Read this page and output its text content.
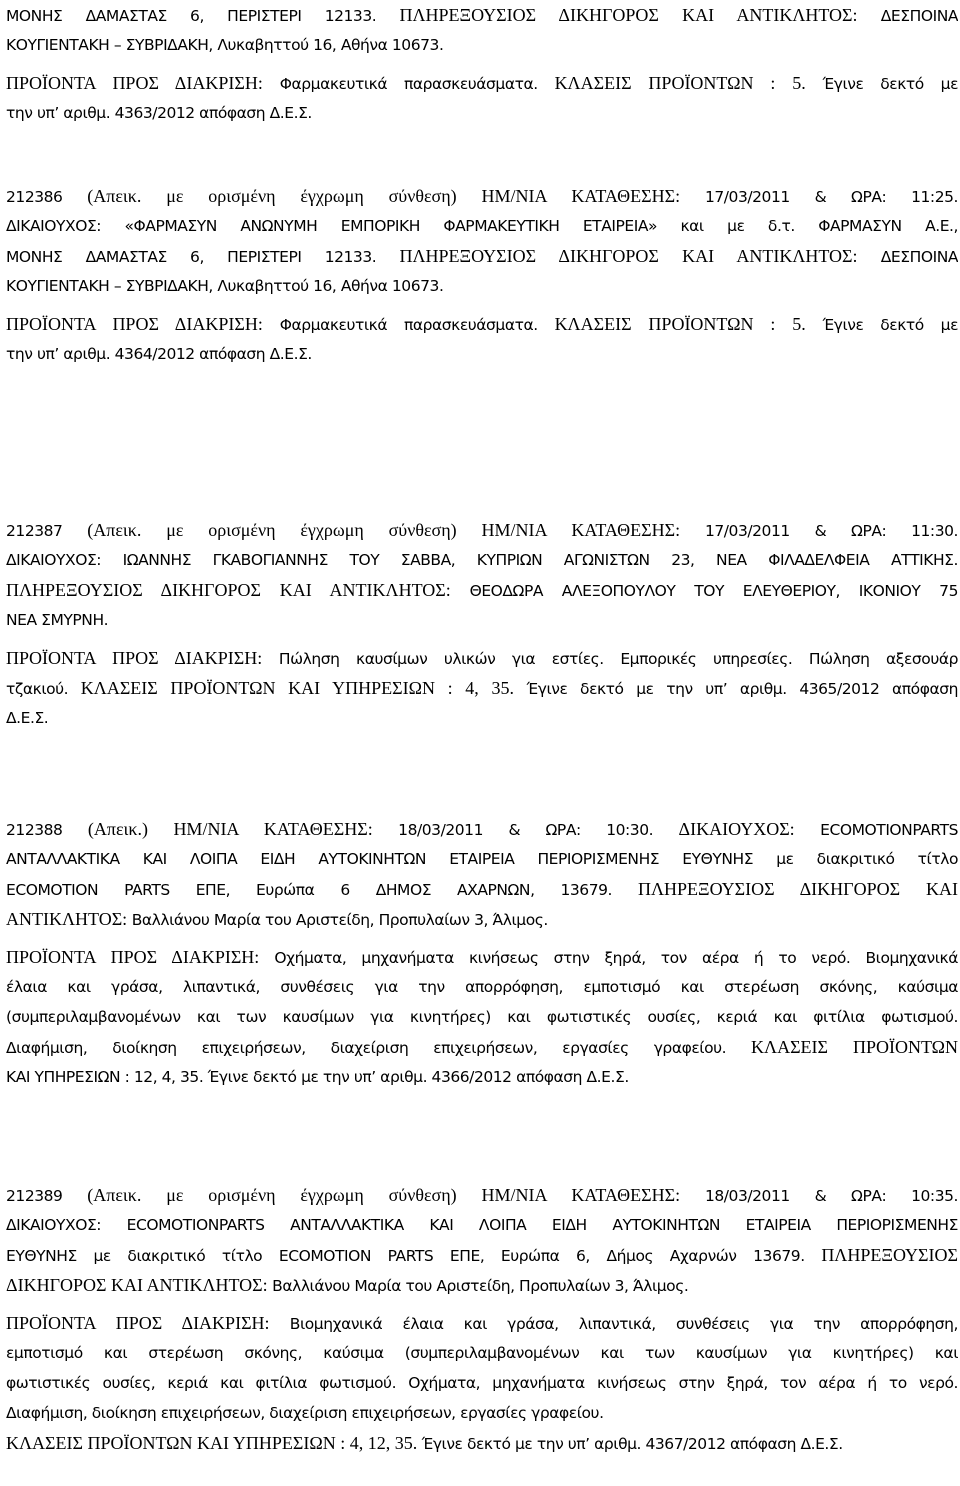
ΜΟΝΗΣ ΔΑΜΑΣΤΑΣ 6, ΠΕΡΙΣΤΕΡΙ 12133. ΠΛΗΡΕΞΟΥΣΙΟΣ ΔΙΚΗΓΟΡΟΣ ΚΑΙ ΑΝΤΙΚΛΗΤΟΣ: ΔΕΣΠΟΙΝΑ
ΚΟΥΓΙΕΝΤΑΚΗ – ΣΥΒΡΙΔΑΚΗ, Λυκαβηττού 16, Αθήνα 10673.
ΠΡΟΪΟΝΤΑ ΠΡΟΣ ΔΙΑΚΡΙΣΗ: Φαρμακευτικά παρασκευάσματα. ΚΛΑΣΕΙΣ ΠΡΟΪΟΝΤΩΝ : 5. Έγινε δεκτό με
την υπ’ αριθμ. 4363/2012 απόφαση Δ.Ε.Σ.
212386 (Απεικ. με ορισμένη έγχρωμη σύνθεση) ΗΜ/ΝΙΑ ΚΑΤΑΘΕΣΗΣ: 17/03/2011 & ΩΡΑ: 11:25.
ΔΙΚΑΙΟΥΧΟΣ: «ΦΑΡΜΑΣΥΝ ΑΝΩΝΥΜΗ ΕΜΠΟΡΙΚΗ ΦΑΡΜΑΚΕΥΤΙΚΗ ΕΤΑΙΡΕΙΑ» και με δ.τ. ΦΑΡΜΑΣΥΝ Α.Ε.,
ΜΟΝΗΣ ΔΑΜΑΣΤΑΣ 6, ΠΕΡΙΣΤΕΡΙ 12133. ΠΛΗΡΕΞΟΥΣΙΟΣ ΔΙΚΗΓΟΡΟΣ ΚΑΙ ΑΝΤΙΚΛΗΤΟΣ: ΔΕΣΠΟΙΝΑ
ΚΟΥΓΙΕΝΤΑΚΗ – ΣΥΒΡΙΔΑΚΗ, Λυκαβηττού 16, Αθήνα 10673.
ΠΡΟΪΟΝΤΑ ΠΡΟΣ ΔΙΑΚΡΙΣΗ: Φαρμακευτικά παρασκευάσματα. ΚΛΑΣΕΙΣ ΠΡΟΪΟΝΤΩΝ : 5. Έγινε δεκτό με
την υπ’ αριθμ. 4364/2012 απόφαση Δ.Ε.Σ.
212387 (Απεικ. με ορισμένη έγχρωμη σύνθεση) ΗΜ/ΝΙΑ ΚΑΤΑΘΕΣΗΣ: 17/03/2011 & ΩΡΑ: 11:30.
ΔΙΚΑΙΟΥΧΟΣ: ΙΩΑΝΝΗΣ ΓΚΑΒΟΓΙΑΝΝΗΣ ΤΟΥ ΣΑΒΒΑ, ΚΥΠΡΙΩΝ ΑΓΩΝΙΣΤΩΝ 23, ΝΕΑ ΦΙΛΑΔΕΛΦΕΙΑ ΑΤΤΙΚΗΣ.
ΠΛΗΡΕΞΟΥΣΙΟΣ ΔΙΚΗΓΟΡΟΣ ΚΑΙ ΑΝΤΙΚΛΗΤΟΣ: ΘΕΟΔΩΡΑ ΑΛΕΞΟΠΟΥΛΟΥ ΤΟΥ ΕΛΕΥΘΕΡΙΟΥ, ΙΚΟΝΙΟΥ 75
ΝΕΑ ΣΜΥΡΝΗ.
ΠΡΟΪΟΝΤΑ ΠΡΟΣ ΔΙΑΚΡΙΣΗ: Πώληση καυσίμων υλικών για εστίες. Εμπορικές υπηρεσίες. Πώληση αξεσουάρ
τζακιού. ΚΛΑΣΕΙΣ ΠΡΟΪΟΝΤΩΝ ΚΑΙ ΥΠΗΡΕΣΙΩΝ : 4, 35. Έγινε δεκτό με την υπ’ αριθμ. 4365/2012 απόφαση
Δ.Ε.Σ.
212388 (Απεικ.) ΗΜ/ΝΙΑ ΚΑΤΑΘΕΣΗΣ: 18/03/2011 & ΩΡΑ: 10:30. ΔΙΚΑΙΟΥΧΟΣ: ECOMOTIONPARTS
ΑΝΤΑΛΛΑΚΤΙΚΑ ΚΑΙ ΛΟΙΠΑ ΕΙΔΗ ΑΥΤΟΚΙΝΗΤΩΝ ΕΤΑΙΡΕΙΑ ΠΕΡΙΟΡΙΣΜΕΝΗΣ ΕΥΘΥΝΗΣ με διακριτικό τίτλο
ECOMOTION PARTS ΕΠΕ, Ευρώπα 6 ΔΗΜΟΣ ΑΧΑΡΝΩΝ, 13679. ΠΛΗΡΕΞΟΥΣΙΟΣ ΔΙΚΗΓΟΡΟΣ ΚΑΙ
ΑΝΤΙΚΛΗΤΟΣ: Βαλλιάνου Μαρία του Αριστείδη, Προπυλαίων 3, Άλιμος.
ΠΡΟΪΟΝΤΑ ΠΡΟΣ ΔΙΑΚΡΙΣΗ: Οχήματα, μηχανήματα κινήσεως στην ξηρά, τον αέρα ή το νερό. Βιομηχανικά
έλαια και γράσα, λιπαντικά, συνθέσεις για την απορρόφηση, εμποτισμό και στερέωση σκόνης, καύσιμα
(συμπεριλαμβανομένων και των καυσίμων για κινητήρες) και φωτιστικές ουσίες, κεριά και φιτίλια φωτισμού.
Διαφήμιση, διοίκηση επιχειρήσεων, διαχείριση επιχειρήσεων, εργασίες γραφείου. ΚΛΑΣΕΙΣ ΠΡΟΪΟΝΤΩΝ
ΚΑΙ ΥΠΗΡΕΣΙΩΝ : 12, 4, 35. Έγινε δεκτό με την υπ’ αριθμ. 4366/2012 απόφαση Δ.Ε.Σ.
212389 (Απεικ. με ορισμένη έγχρωμη σύνθεση) ΗΜ/ΝΙΑ ΚΑΤΑΘΕΣΗΣ: 18/03/2011 & ΩΡΑ: 10:35.
ΔΙΚΑΙΟΥΧΟΣ: ECOMOTIONPARTS ΑΝΤΑΛΛΑΚΤΙΚΑ ΚΑΙ ΛΟΙΠΑ ΕΙΔΗ ΑΥΤΟΚΙΝΗΤΩΝ ΕΤΑΙΡΕΙΑ ΠΕΡΙΟΡΙΣΜΕΝΗΣ
ΕΥΘΥΝΗΣ με διακριτικό τίτλο ECOMOTION PARTS ΕΠΕ, Ευρώπα 6, Δήμος Αχαρνών 13679. ΠΛΗΡΕΞΟΥΣΙΟΣ
ΔΙΚΗΓΟΡΟΣ ΚΑΙ ΑΝΤΙΚΛΗΤΟΣ: Βαλλιάνου Μαρία του Αριστείδη, Προπυλαίων 3, Άλιμος.
ΠΡΟΪΟΝΤΑ ΠΡΟΣ ΔΙΑΚΡΙΣΗ: Βιομηχανικά έλαια και γράσα, λιπαντικά, συνθέσεις για την απορρόφηση,
εμποτισμό και στερέωση σκόνης, καύσιμα (συμπεριλαμβανομένων και των καυσίμων για κινητήρες) και
φωτιστικές ουσίες, κεριά και φιτίλια φωτισμού. Οχήματα, μηχανήματα κινήσεως στην ξηρά, τον αέρα ή το νερό.
Διαφήμιση, διοίκηση επιχειρήσεων, διαχείριση επιχειρήσεων, εργασίες γραφείου.
ΚΛΑΣΕΙΣ ΠΡΟΪΟΝΤΩΝ ΚΑΙ ΥΠΗΡΕΣΙΩΝ : 4, 12, 35. Έγινε δεκτό με την υπ’ αριθμ. 4367/2012 απόφαση Δ.Ε.Σ.
